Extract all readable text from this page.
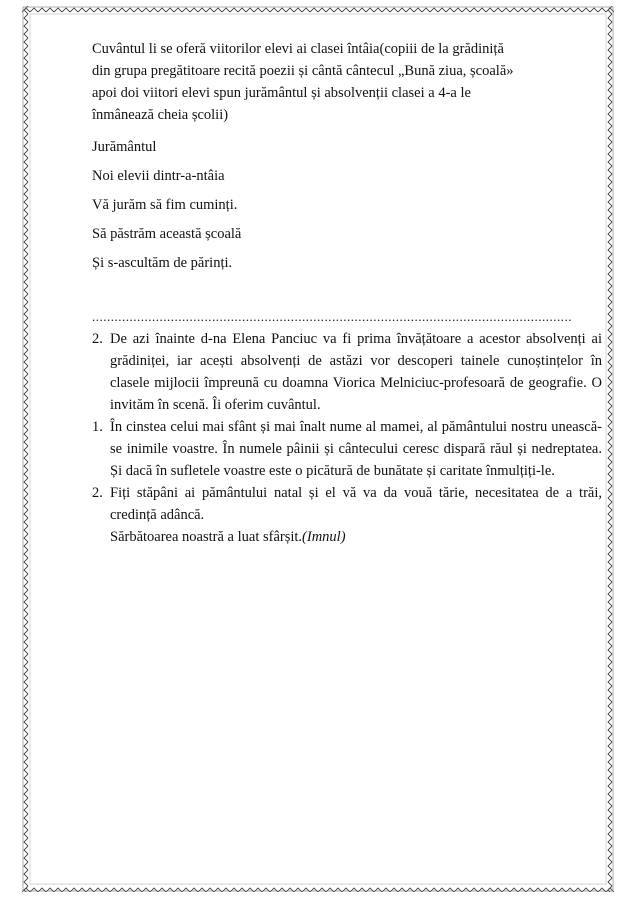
Cuvântul li se oferă viitorilor elevi ai clasei întâia(copiii de la grădiniță
din grupa pregătitoare recită poezii și cântă cântecul „Bună ziua, școală»
apoi doi viitori elevi spun jurământul și absolvenții clasei a 4-a le
înmânează cheia școlii)

Jurământul

Noi elevii dintr-a-ntâia

Vă jurăm să fim cuminți.

Să păstrăm această școală

Și s-ascultăm de părinți.

................................................................................................................................
2. De azi înainte d-na Elena Panciuc va fi prima învățătoare a acestor absolvenți ai grădiniței, iar acești absolvenți de astăzi vor descoperi tainele cunoștințelor în clasele mijlocii împreună cu doamna Viorica Melniciuc-profesoară de geografie. O invităm în scenă. Îi oferim cuvântul.
1. În cinstea celui mai sfânt și mai înalt nume al mamei, al pământului nostru unească-se inimile voastre. În numele pâinii și cântecului ceresc dispară răul și nedreptatea. Și dacă în sufletele voastre este o picătură de bunătate și caritate înmulțiți-le.
2. Fiți stăpâni ai pământului natal și el vă va da vouă tărie, necesitatea de a trăi, credință adâncă.
Sărbătoarea noastră a luat sfârșit.(Imnul)
